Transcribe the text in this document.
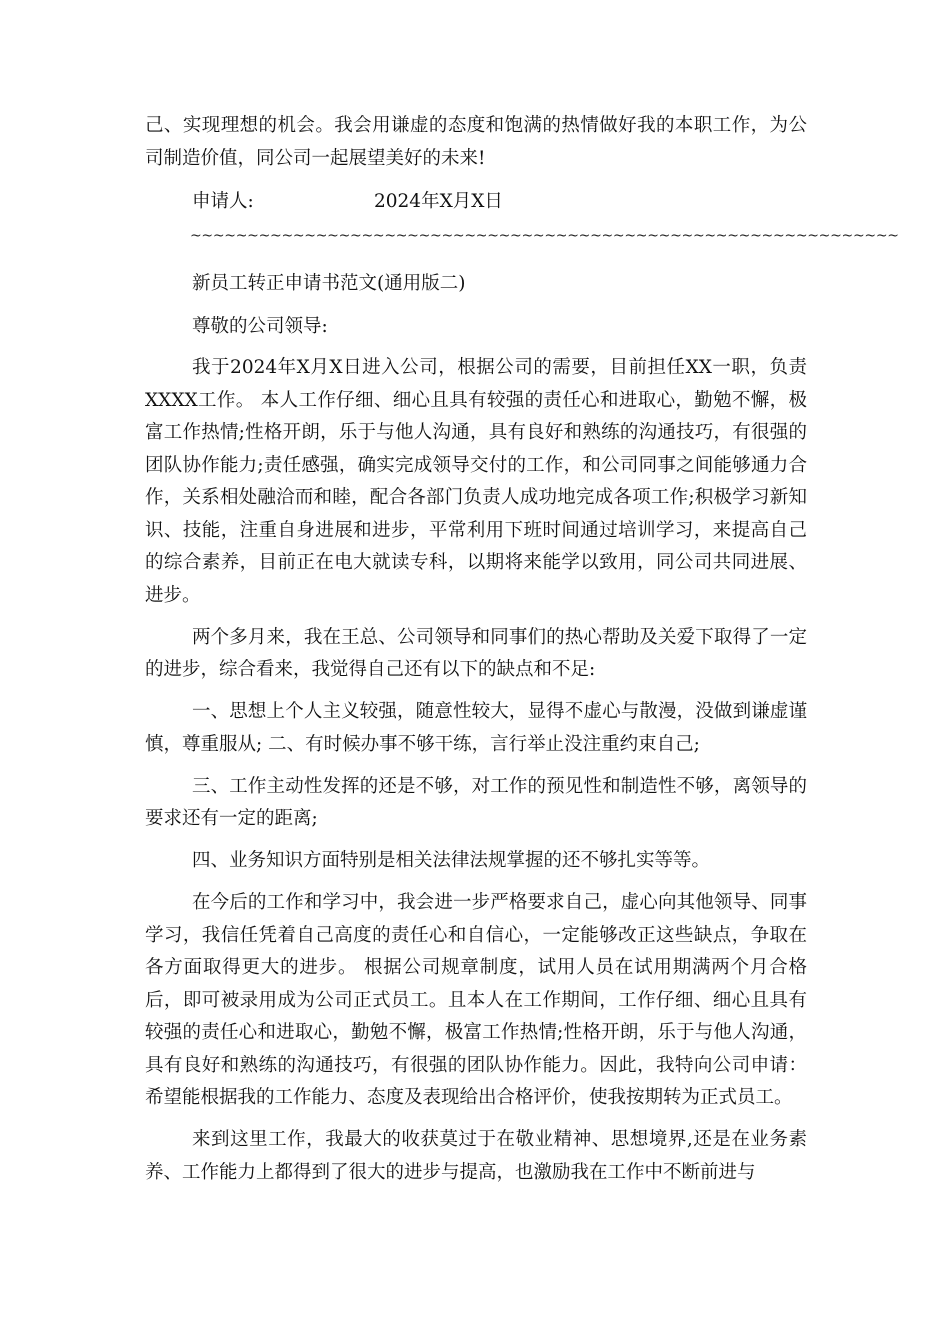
己、实现理想的机会。我会用谦虚的态度和饱满的热情做好我的本职工作，为公司制造价值，同公司一起展望美好的未来!

申请人:	2024年X月X日
~~~~~~~~~~~~~~~~~~~~~~~~~~~~~~~~~~~~~~~~~~~~~~~~~~~~~~~~~~~~~~
新员工转正申请书范文(通用版二)
尊敬的公司领导:

我于2024年X月X日进入公司，根据公司的需要，目前担任XX一职，负责XXXX工作。 本人工作仔细、细心且具有较强的责任心和进取心，勤勉不懈，极富工作热情;性格开朗，乐于与他人沟通，具有良好和熟练的沟通技巧，有很强的团队协作能力;责任感强，确实完成领导交付的工作，和公司同事之间能够通力合作，关系相处融洽而和睦，配合各部门负责人成功地完成各项工作;积极学习新知识、技能，注重自身进展和进步，平常利用下班时间通过培训学习，来提高自己的综合素养，目前正在电大就读专科，以期将来能学以致用，同公司共同进展、进步。

两个多月来，我在王总、公司领导和同事们的热心帮助及关爱下取得了一定的进步，综合看来，我觉得自己还有以下的缺点和不足:

一、思想上个人主义较强，随意性较大，显得不虚心与散漫，没做到谦虚谨慎，尊重服从; 二、有时候办事不够干练，言行举止没注重约束自己;

三、工作主动性发挥的还是不够，对工作的预见性和制造性不够，离领导的要求还有一定的距离;

四、业务知识方面特别是相关法律法规掌握的还不够扎实等等。

在今后的工作和学习中，我会进一步严格要求自己，虚心向其他领导、同事学习，我信任凭着自己高度的责任心和自信心，一定能够改正这些缺点，争取在各方面取得更大的进步。 根据公司规章制度，试用人员在试用期满两个月合格后，即可被录用成为公司正式员工。且本人在工作期间，工作仔细、细心且具有较强的责任心和进取心，勤勉不懈，极富工作热情;性格开朗，乐于与他人沟通，具有良好和熟练的沟通技巧，有很强的团队协作能力。因此，我特向公司申请：希望能根据我的工作能力、态度及表现给出合格评价，使我按期转为正式员工。

来到这里工作，我最大的收获莫过于在敬业精神、思想境界,还是在业务素养、工作能力上都得到了很大的进步与提高，也激励我在工作中不断前进与
